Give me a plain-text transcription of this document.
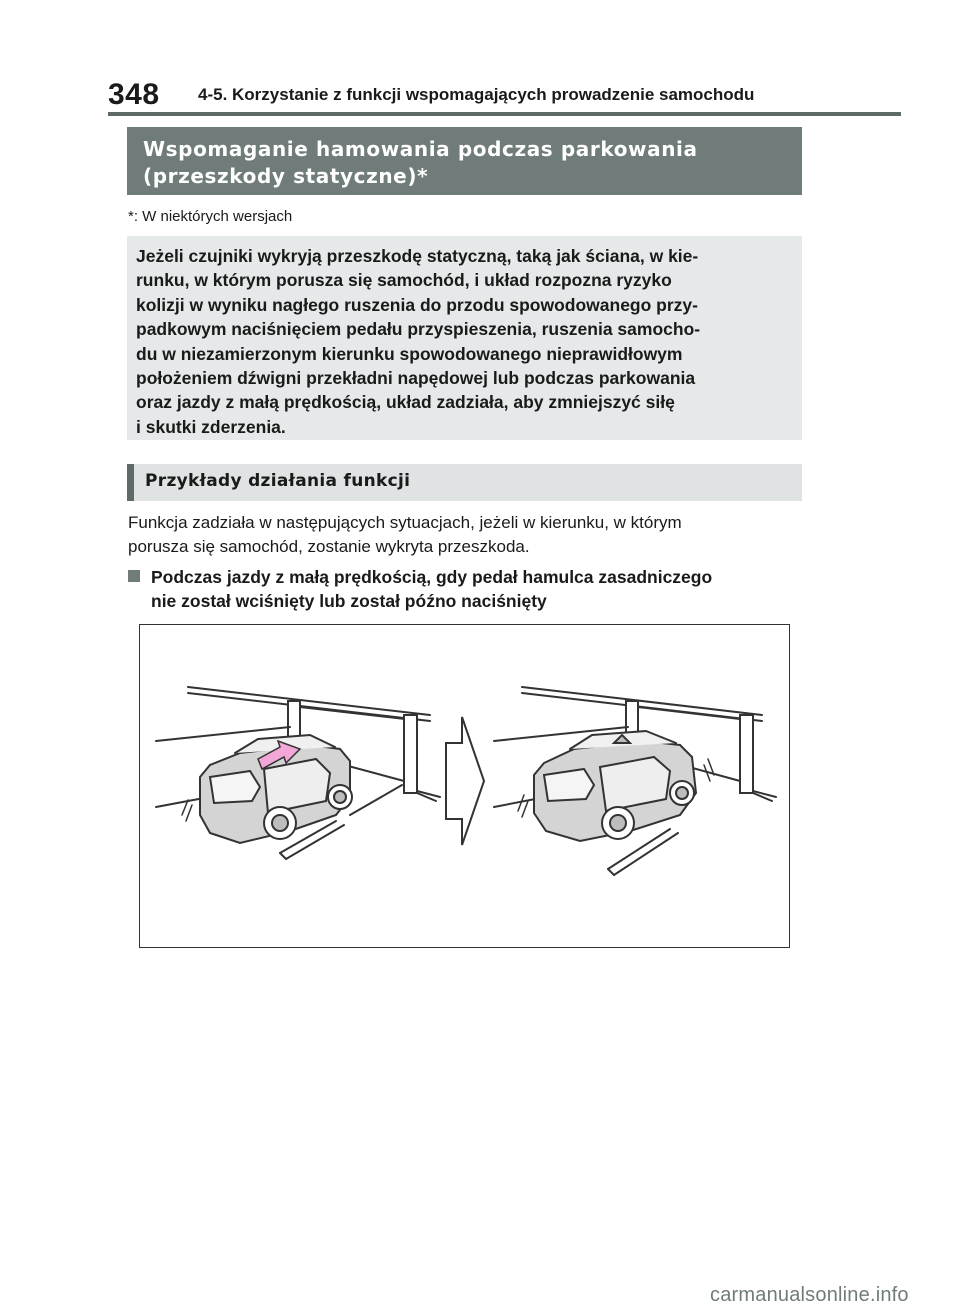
348 4-5. Korzystanie z funkcji wspomagających prowadzenie samochodu
Wspomaganie hamowania podczas parkowania
(przeszkody statyczne)*
*: W niektórych wersjach
Jeżeli czujniki wykryją przeszkodę statyczną, taką jak ściana, w kie-
runku, w którym porusza się samochód, i układ rozpozna ryzyko
kolizji w wyniku nagłego ruszenia do przodu spowodowanego przy-
padkowym naciśnięciem pedału przyspieszenia, ruszenia samocho-
du w niezamierzonym kierunku spowodowanego nieprawidłowym
położeniem dźwigni przekładni napędowej lub podczas parkowania
oraz jazdy z małą prędkością, układ zadziała, aby zmniejszyć siłę
i skutki zderzenia.
Przykłady działania funkcji
Funkcja zadziała w następujących sytuacjach, jeżeli w kierunku, w którym
porusza się samochód, zostanie wykryta przeszkoda.
Podczas jazdy z małą prędkością, gdy pedał hamulca zasadniczego
nie został wciśnięty lub został późno naciśnięty
carmanualsonline.info
